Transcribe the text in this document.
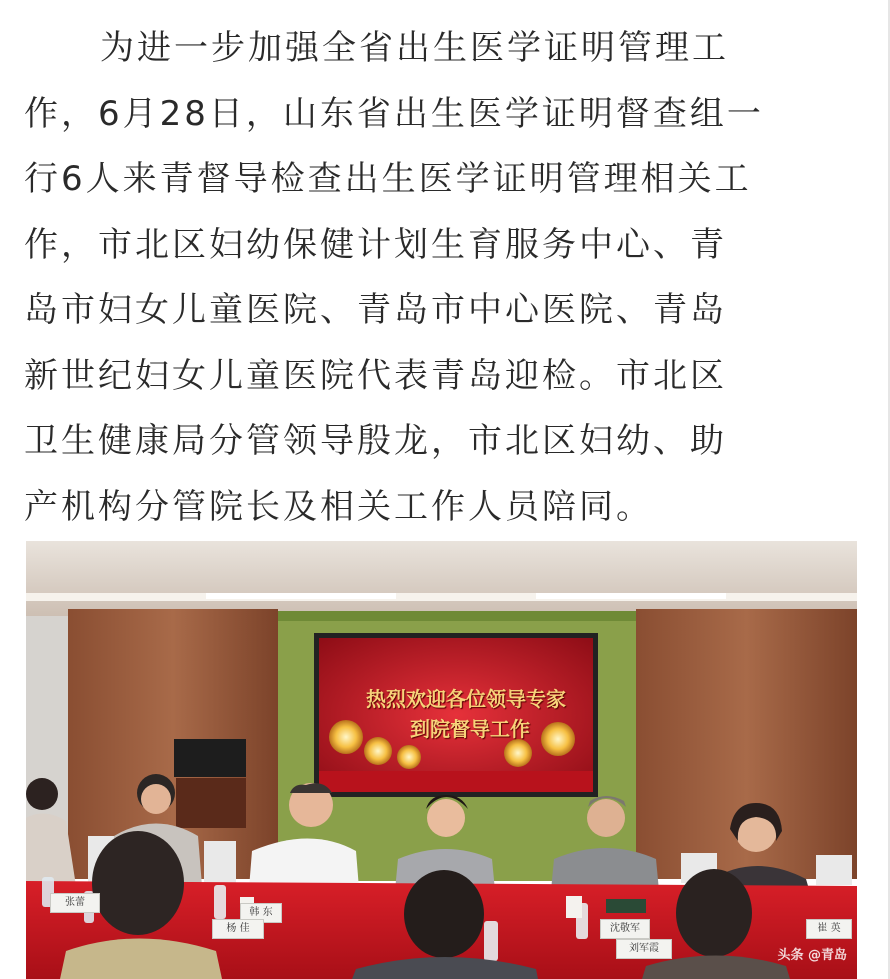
为进一步加强全省出生医学证明管理工
作，6月28日，山东省出生医学证明督查组一
行6人来青督导检查出生医学证明管理相关工
作，市北区妇幼保健计划生育服务中心、青
岛市妇女儿童医院、青岛市中心医院、青岛
新世纪妇女儿童医院代表青岛迎检。市北区
卫生健康局分管领导殷龙，市北区妇幼、助
产机构分管院长及相关工作人员陪同。
热烈欢迎各位领导专家
到院督导工作
张蕾
韩 东
杨 佳	沈敬军
刘军霞
崔 英
头条 @青岛
